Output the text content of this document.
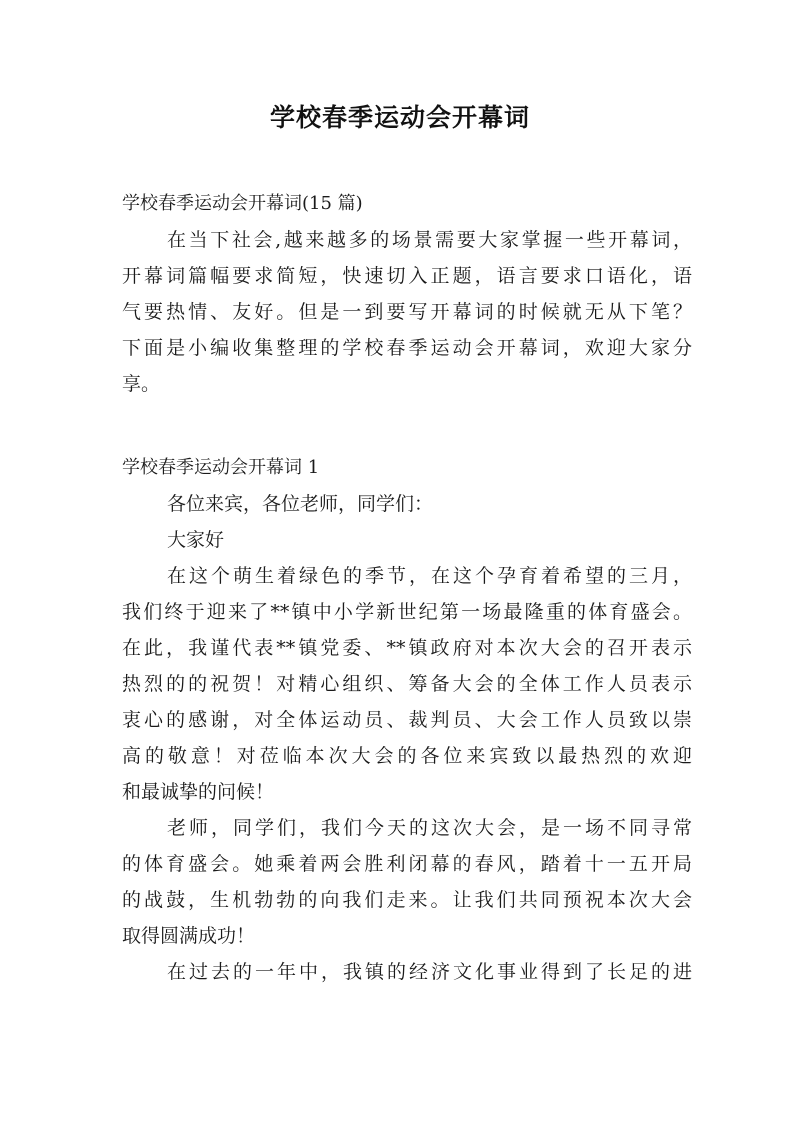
学校春季运动会开幕词
学校春季运动会开幕词(15 篇)
在当下社会,越来越多的场景需要大家掌握一些开幕词，
开幕词篇幅要求简短，快速切入正题，语言要求口语化，语
气要热情、友好。但是一到要写开幕词的时候就无从下笔？
下面是小编收集整理的学校春季运动会开幕词，欢迎大家分
享。
学校春季运动会开幕词 1
各位来宾，各位老师，同学们：
大家好
在这个萌生着绿色的季节，在这个孕育着希望的三月，
我们终于迎来了**镇中小学新世纪第一场最隆重的体育盛会。
在此，我谨代表**镇党委、**镇政府对本次大会的召开表示
热烈的的祝贺！对精心组织、筹备大会的全体工作人员表示
衷心的感谢，对全体运动员、裁判员、大会工作人员致以崇
高的敬意！对莅临本次大会的各位来宾致以最热烈的欢迎
和最诚挚的问候！
老师，同学们，我们今天的这次大会，是一场不同寻常
的体育盛会。她乘着两会胜利闭幕的春风，踏着十一五开局
的战鼓，生机勃勃的向我们走来。让我们共同预祝本次大会
取得圆满成功！
在过去的一年中，我镇的经济文化事业得到了长足的进
